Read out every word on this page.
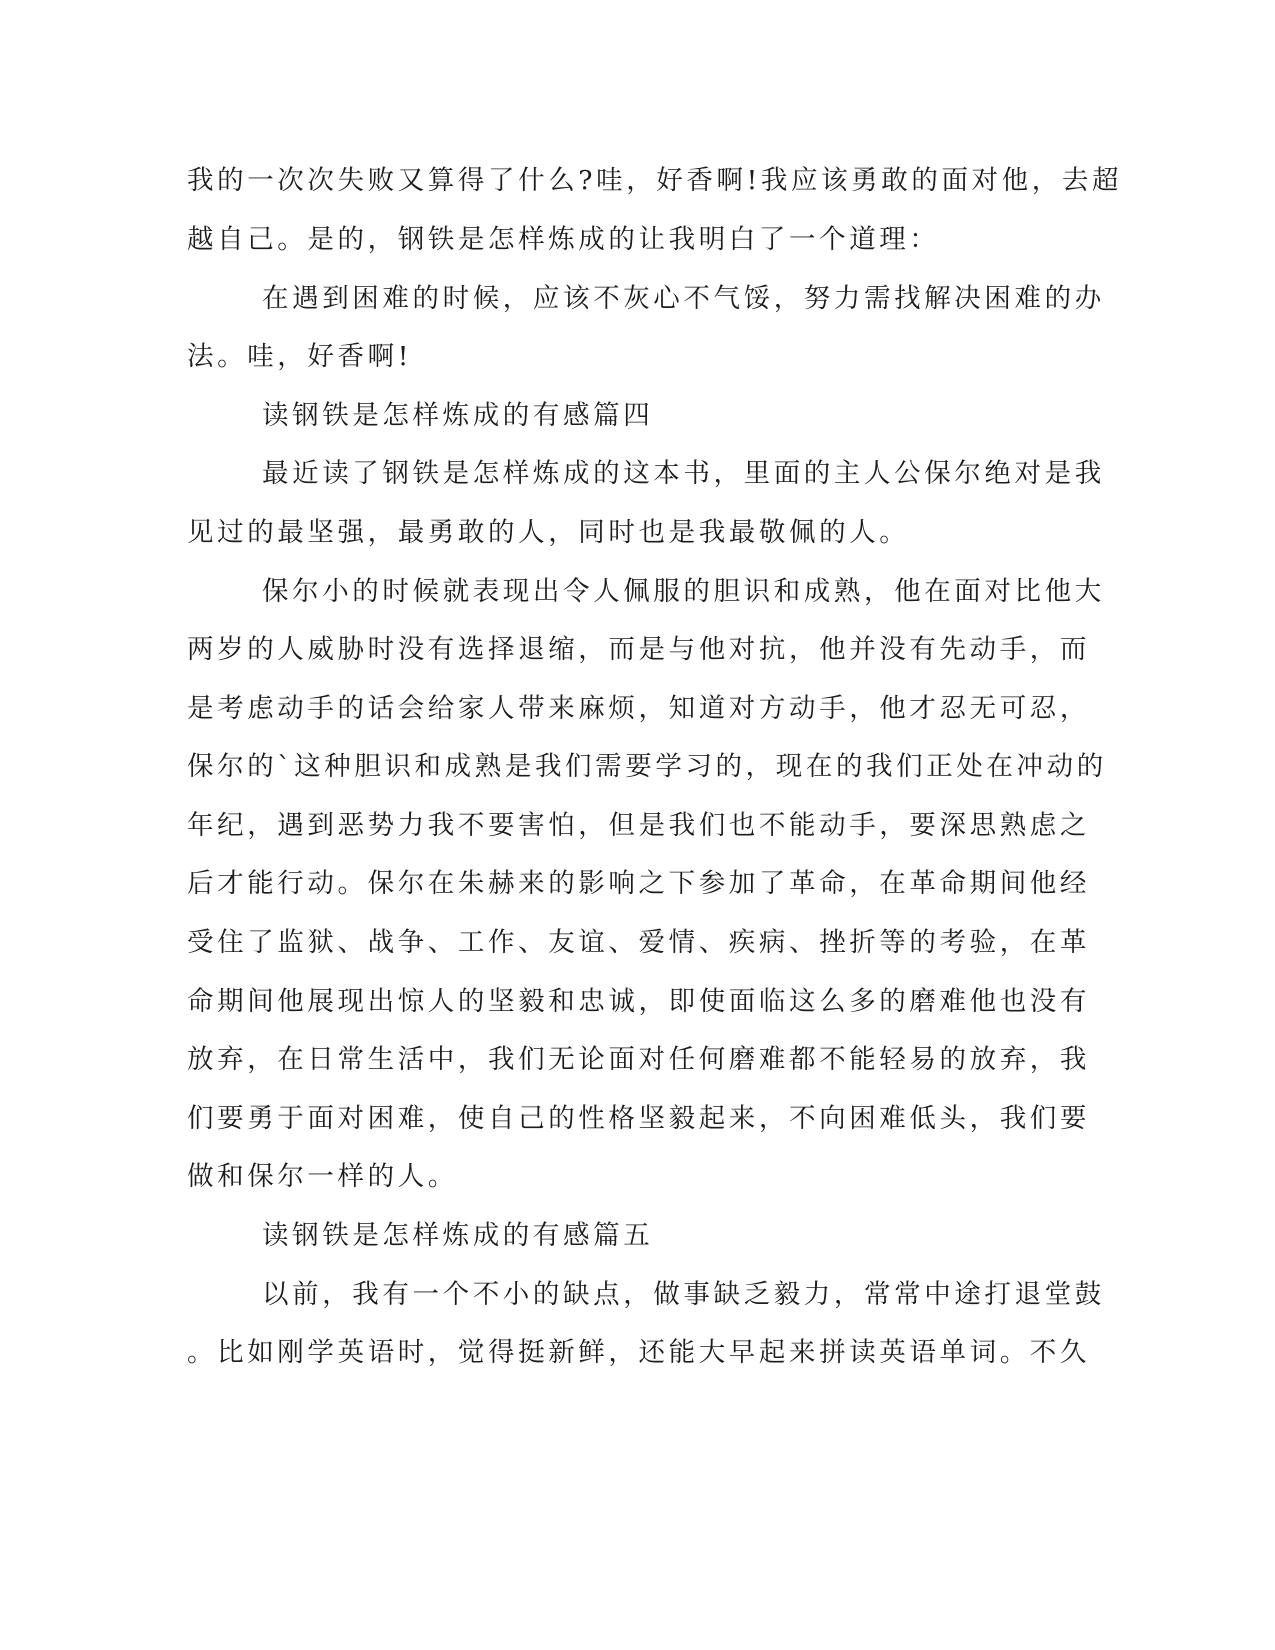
我的一次次失败又算得了什么?哇，好香啊!我应该勇敢的面对他，去超
越自己。是的，钢铁是怎样炼成的让我明白了一个道理：
在遇到困难的时候，应该不灰心不气馁，努力需找解决困难的办
法。哇，好香啊!
读钢铁是怎样炼成的有感篇四
最近读了钢铁是怎样炼成的这本书，里面的主人公保尔绝对是我
见过的最坚强，最勇敢的人，同时也是我最敬佩的人。
保尔小的时候就表现出令人佩服的胆识和成熟，他在面对比他大
两岁的人威胁时没有选择退缩，而是与他对抗，他并没有先动手，而
是考虑动手的话会给家人带来麻烦，知道对方动手，他才忍无可忍，
保尔的`这种胆识和成熟是我们需要学习的，现在的我们正处在冲动的
年纪，遇到恶势力我不要害怕，但是我们也不能动手，要深思熟虑之
后才能行动。保尔在朱赫来的影响之下参加了革命，在革命期间他经
受住了监狱、战争、工作、友谊、爱情、疾病、挫折等的考验，在革
命期间他展现出惊人的坚毅和忠诚，即使面临这么多的磨难他也没有
放弃，在日常生活中，我们无论面对任何磨难都不能轻易的放弃，我
们要勇于面对困难，使自己的性格坚毅起来，不向困难低头，我们要
做和保尔一样的人。
读钢铁是怎样炼成的有感篇五
以前，我有一个不小的缺点，做事缺乏毅力，常常中途打退堂鼓
。比如刚学英语时，觉得挺新鲜，还能大早起来拼读英语单词。不久
